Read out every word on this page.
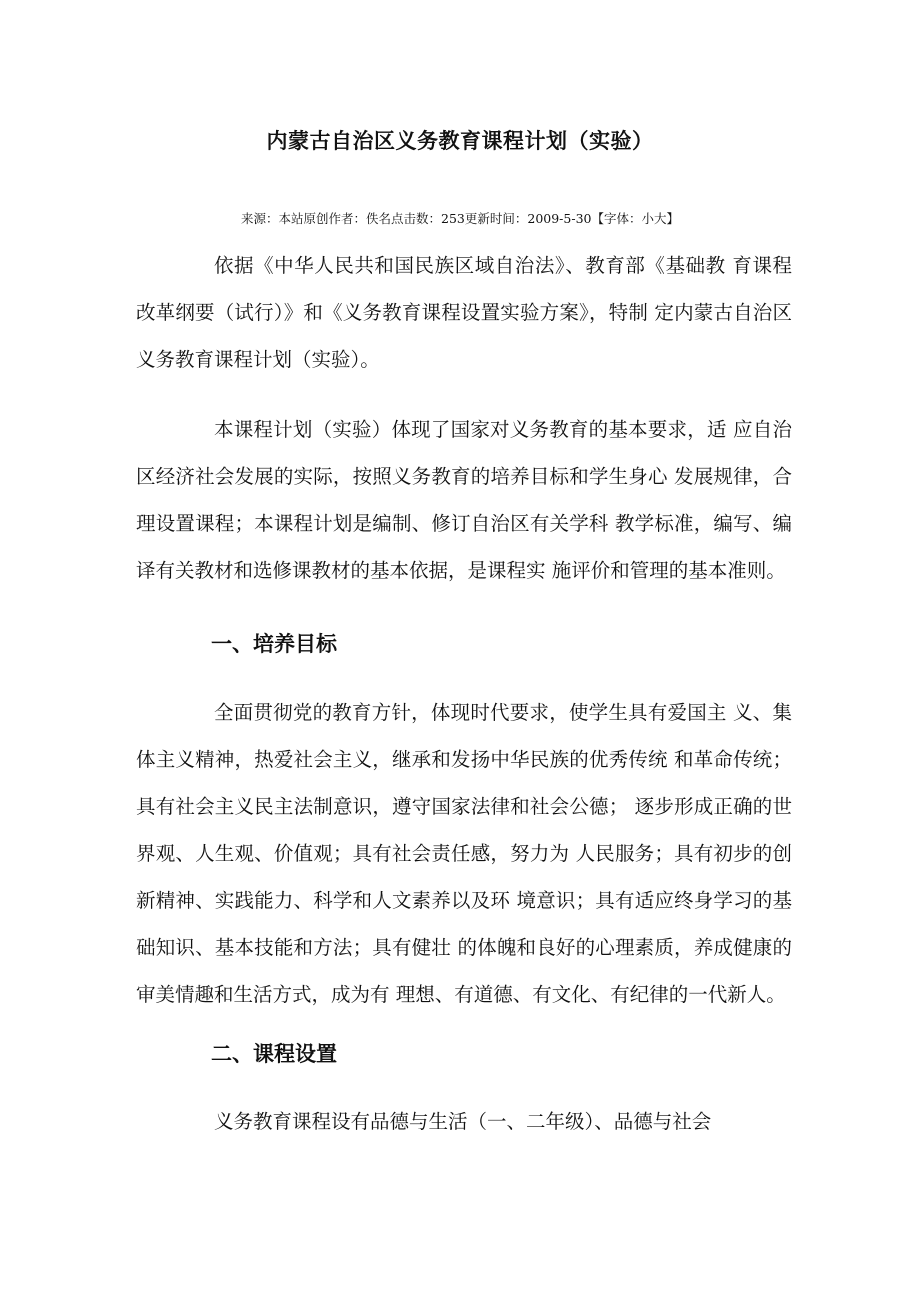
内蒙古自治区义务教育课程计划（实验）
来源：本站原创作者：佚名点击数：253更新时间：2009-5-30【字体：小大】

依据《中华人民共和国民族区域自治法》、教育部《基础教 育课程改革纲要（试行）》和《义务教育课程设置实验方案》，特制 定内蒙古自治区义务教育课程计划（实验）。

本课程计划（实验）体现了国家对义务教育的基本要求，适 应自治区经济社会发展的实际，按照义务教育的培养目标和学生身心 发展规律，合理设置课程；本课程计划是编制、修订自治区有关学科 教学标准，编写、编译有关教材和选修课教材的基本依据，是课程实 施评价和管理的基本准则。

一、培养目标

全面贯彻党的教育方针，体现时代要求，使学生具有爱国主 义、集体主义精神，热爱社会主义，继承和发扬中华民族的优秀传统 和革命传统；具有社会主义民主法制意识，遵守国家法律和社会公德； 逐步形成正确的世界观、人生观、价值观；具有社会责任感，努力为 人民服务；具有初步的创新精神、实践能力、科学和人文素养以及环 境意识；具有适应终身学习的基础知识、基本技能和方法；具有健壮 的体魄和良好的心理素质，养成健康的审美情趣和生活方式，成为有 理想、有道德、有文化、有纪律的一代新人。

二、课程设置

义务教育课程设有品德与生活（一、二年级）、品德与社会
